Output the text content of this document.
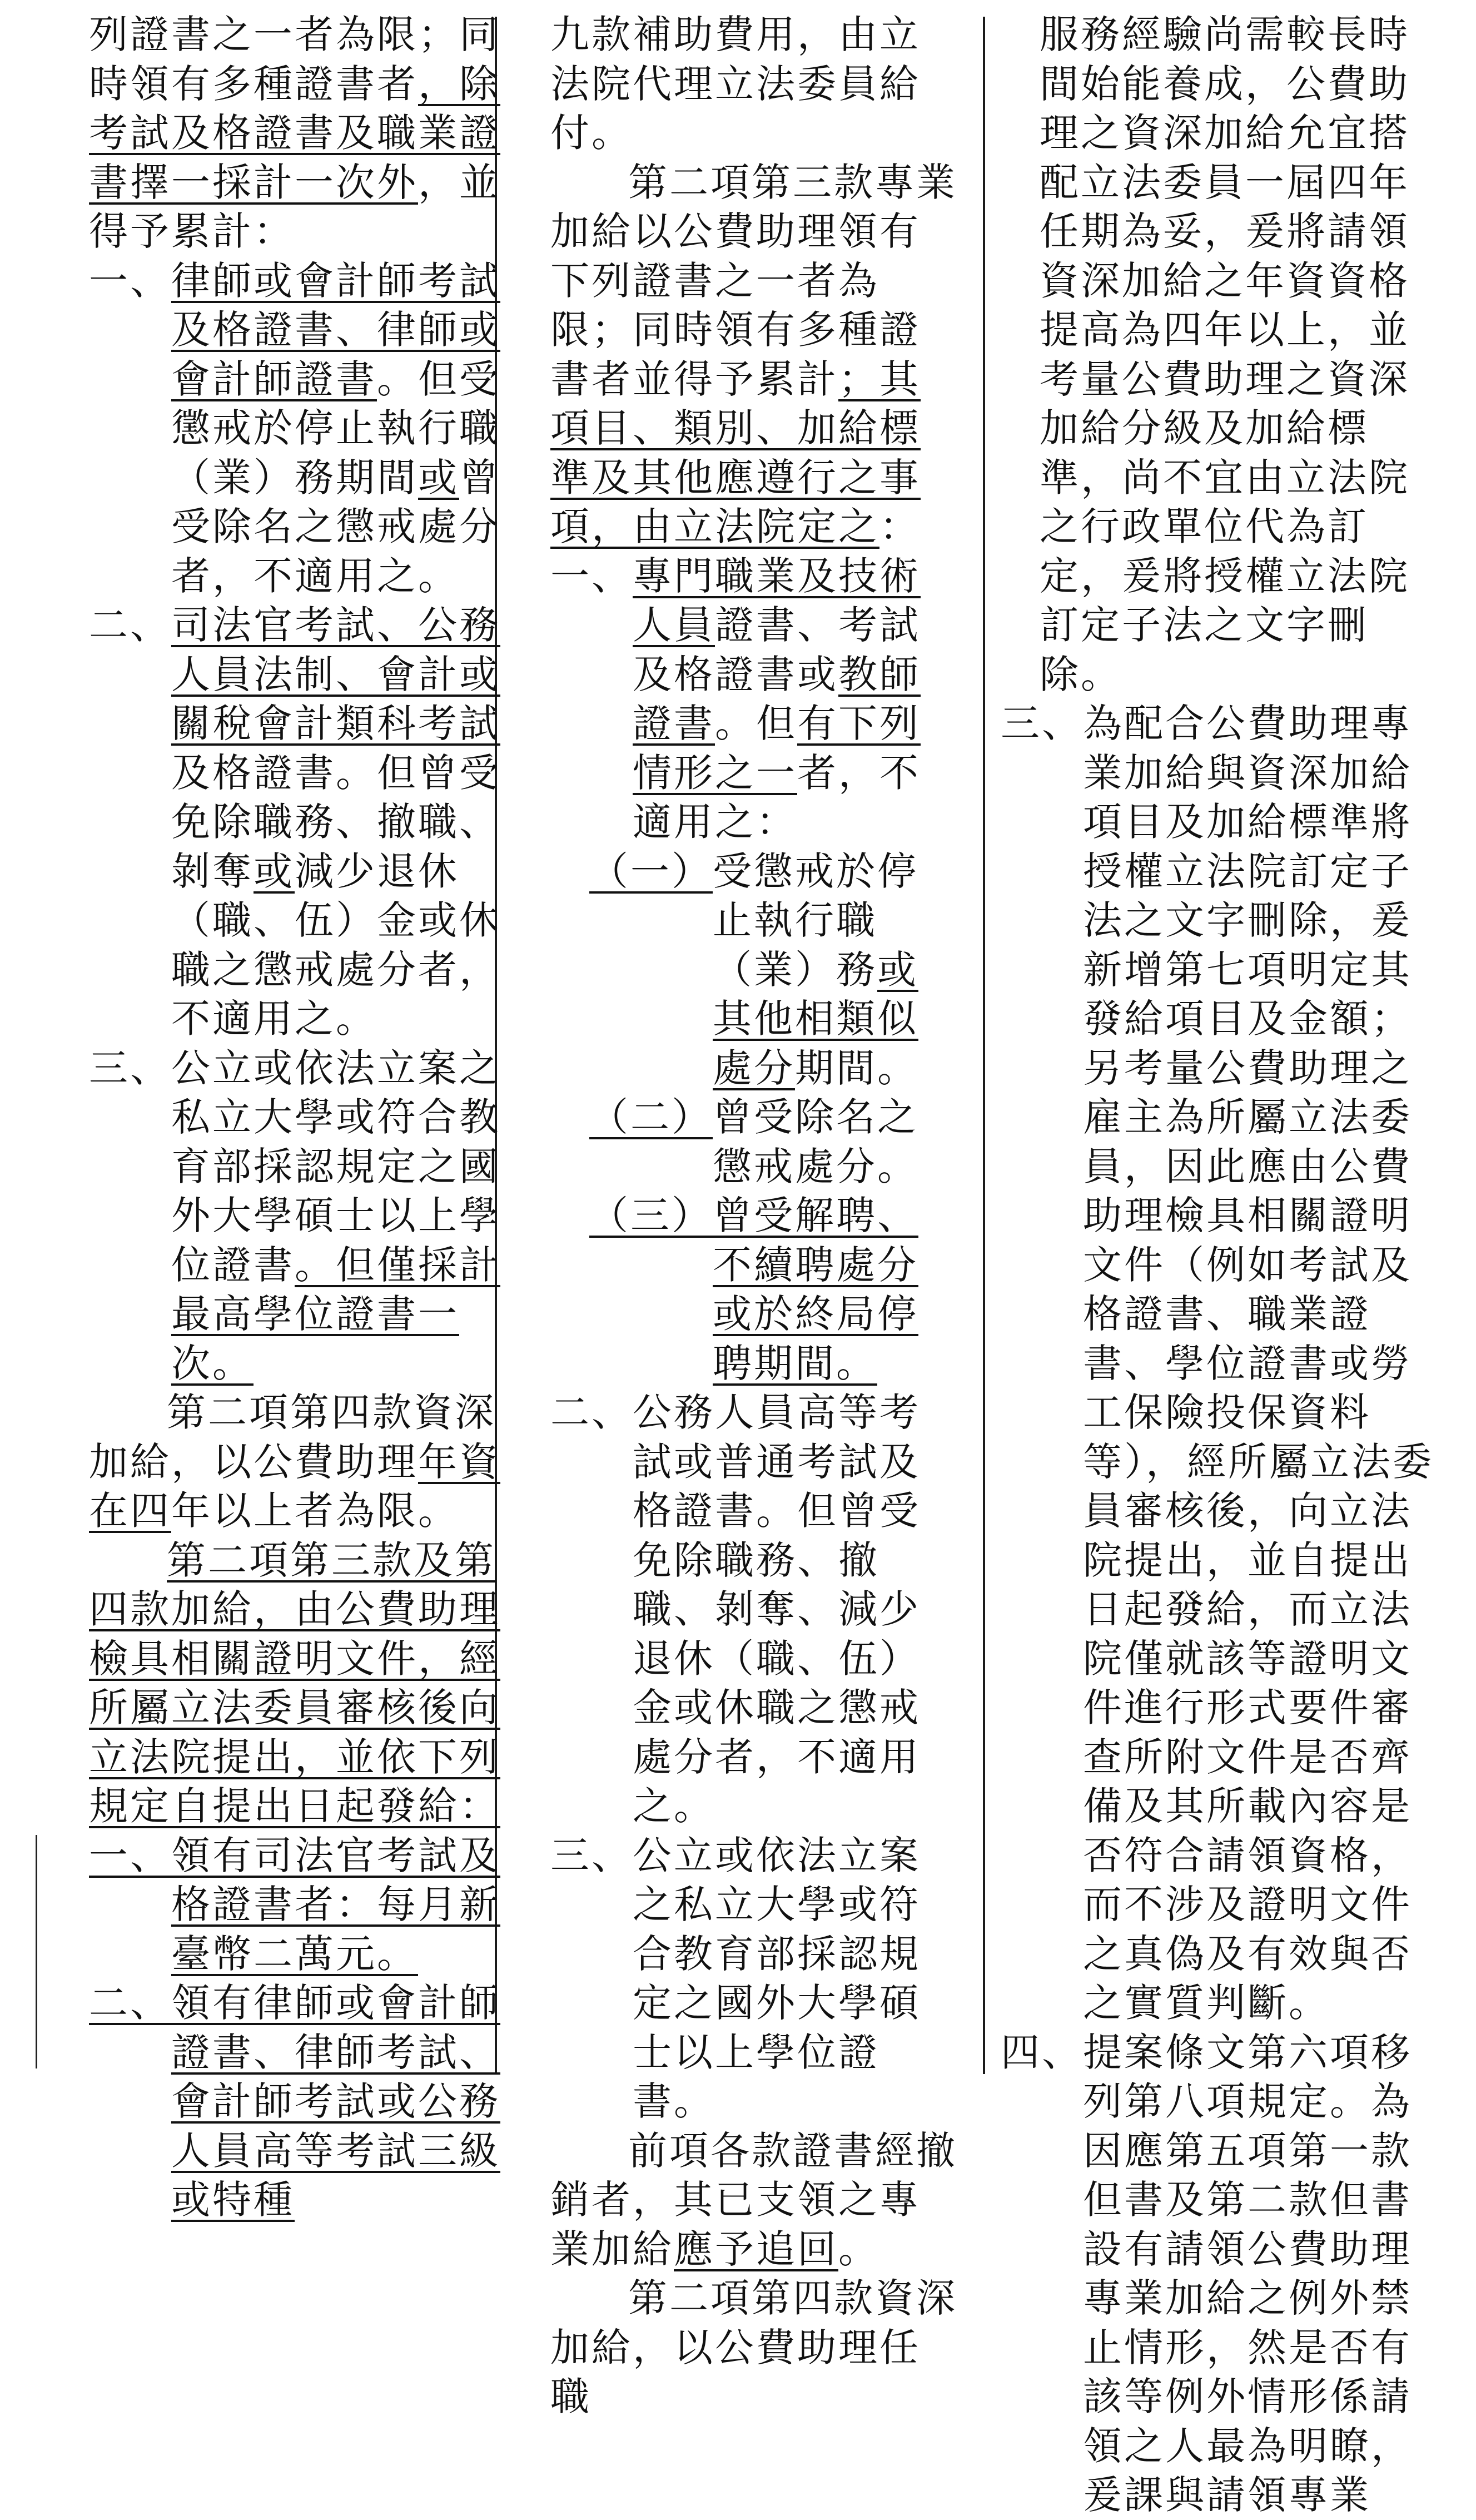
列證書之一者為限；同時領有多種證書者，除考試及格證書及職業證書擇一採計一次外，並得予累計：

一、 律師或會計師考試及格證書、律師或會計師證書。但受懲戒於停止執行職（業）務期間或曾受除名之懲戒處分者，不適用之。
二、 司法官考試、公務人員法制、會計或關稅會計類科考試及格證書。但曾受免除職務、撤職、剝奪或減少退休（職、伍）金或休職之懲戒處分者，不適用之。
三、 公立或依法立案之私立大學或符合教育部採認規定之國外大學碩士以上學位證書。但僅採計最高學位證書一次。

第二項第四款資深加給，以公費助理年資在四年以上者為限。

第二項第三款及第四款加給，由公費助理檢具相關證明文件，經所屬立法委員審核後向立法院提出，並依下列規定自提出日起發給：

一、 領有司法官考試及格證書者：每月新臺幣二萬元。
二、 領有律師或會計師證書、律師考試、會計師考試或公務人員高等考試三級或特種

九款補助費用，由立法院代理立法委員給付。

第二項第三款專業加給以公費助理領有下列證書之一者為限；同時領有多種證書者並得予累計；其項目、類別、加給標準及其他應遵行之事項，由立法院定之：

一、 專門職業及技術人員證書、考試及格證書或教師證書。但有下列情形之一者，不適用之：
（一） 受懲戒於停止執行職（業）務或其他相類似處分期間。
（二） 曾受除名之懲戒處分。
（三） 曾受解聘、不續聘處分或於終局停聘期間。
二、 公務人員高等考試或普通考試及格證書。但曾受免除職務、撤職、剝奪、減少退休（職、伍）金或休職之懲戒處分者，不適用之。
三、 公立或依法立案之私立大學或符合教育部採認規定之國外大學碩士以上學位證書。

前項各款證書經撤銷者，其已支領之專業加給應予追回。

第二項第四款資深加給，以公費助理任職

服務經驗尚需較長時間始能養成，公費助理之資深加給允宜搭配立法委員一屆四年任期為妥，爰將請領資深加給之年資資格提高為四年以上，並考量公費助理之資深加給分級及加給標準，尚不宜由立法院之行政單位代為訂定，爰將授權立法院訂定子法之文字刪除。

三、 為配合公費助理專業加給與資深加給項目及加給標準將授權立法院訂定子法之文字刪除，爰新增第七項明定其發給項目及金額；另考量公費助理之雇主為所屬立法委員，因此應由公費助理檢具相關證明文件（例如考試及格證書、職業證書、學位證書或勞工保險投保資料等），經所屬立法委員審核後，向立法院提出，並自提出日起發給，而立法院僅就該等證明文件進行形式要件審查所附文件是否齊備及其所載內容是否符合請領資格，而不涉及證明文件之真偽及有效與否之實質判斷。
四、 提案條文第六項移列第八項規定。為因應第五項第一款但書及第二款但書設有請領公費助理專業加給之例外禁止情形，然是否有該等例外情形係請領之人最為明瞭，爰課與請領專業
